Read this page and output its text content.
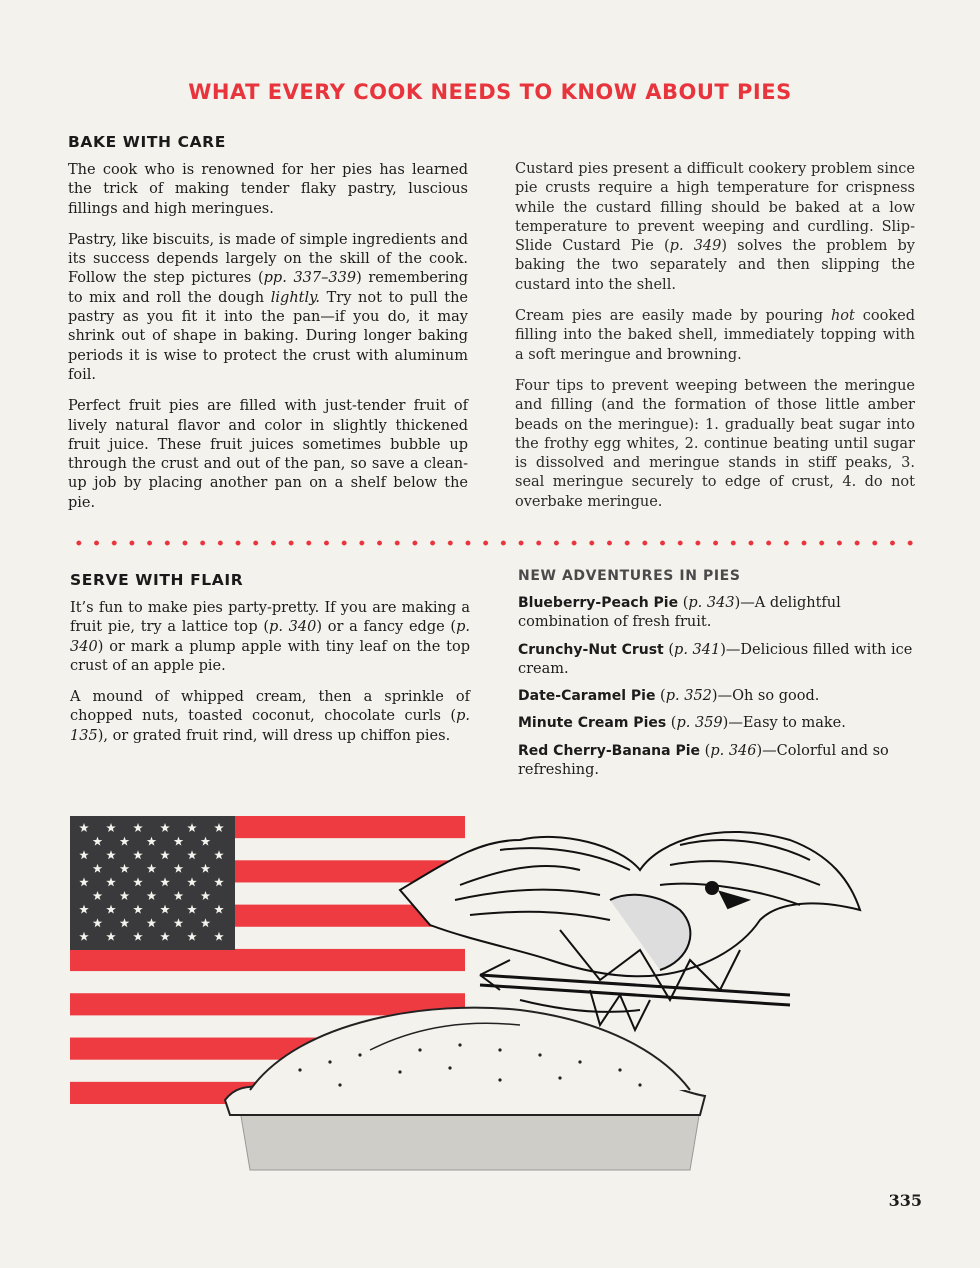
WHAT EVERY COOK NEEDS TO KNOW ABOUT PIES
BAKE WITH CARE

The cook who is renowned for her pies has learned the trick of making tender flaky pastry, luscious fillings and high meringues.

Pastry, like biscuits, is made of simple ingredients and its success depends largely on the skill of the cook. Follow the step pictures (pp. 337–339) remembering to mix and roll the dough lightly. Try not to pull the pastry as you fit it into the pan—if you do, it may shrink out of shape in baking. During longer baking periods it is wise to protect the crust with aluminum foil.

Perfect fruit pies are filled with just-tender fruit of lively natural flavor and color in slightly thickened fruit juice. These fruit juices sometimes bubble up through the crust and out of the pan, so save a clean-up job by placing another pan on a shelf below the pie.

Custard pies present a difficult cookery problem since pie crusts require a high temperature for crispness while the custard filling should be baked at a low temperature to prevent weeping and curdling. Slip-Slide Custard Pie (p. 349) solves the problem by baking the two separately and then slipping the custard into the shell.

Cream pies are easily made by pouring hot cooked filling into the baked shell, immediately topping with a soft meringue and browning.

Four tips to prevent weeping between the meringue and filling (and the formation of those little amber beads on the meringue): 1. gradually beat sugar into the frothy egg whites, 2. continue beating until sugar is dissolved and meringue stands in stiff peaks, 3. seal meringue securely to edge of crust, 4. do not overbake meringue.

SERVE WITH FLAIR

It’s fun to make pies party-pretty. If you are making a fruit pie, try a lattice top (p. 340) or a fancy edge (p. 340) or mark a plump apple with tiny leaf on the top crust of an apple pie.

A mound of whipped cream, then a sprinkle of chopped nuts, toasted coconut, chocolate curls (p. 135), or grated fruit rind, will dress up chiffon pies.

NEW ADVENTURES IN PIES

Blueberry-Peach Pie (p. 343)—A delightful combination of fresh fruit.

Crunchy-Nut Crust (p. 341)—Delicious filled with ice cream.

Date-Caramel Pie (p. 352)—Oh so good.

Minute Cream Pies (p. 359)—Easy to make.

Red Cherry-Banana Pie (p. 346)—Colorful and so refreshing.

335
